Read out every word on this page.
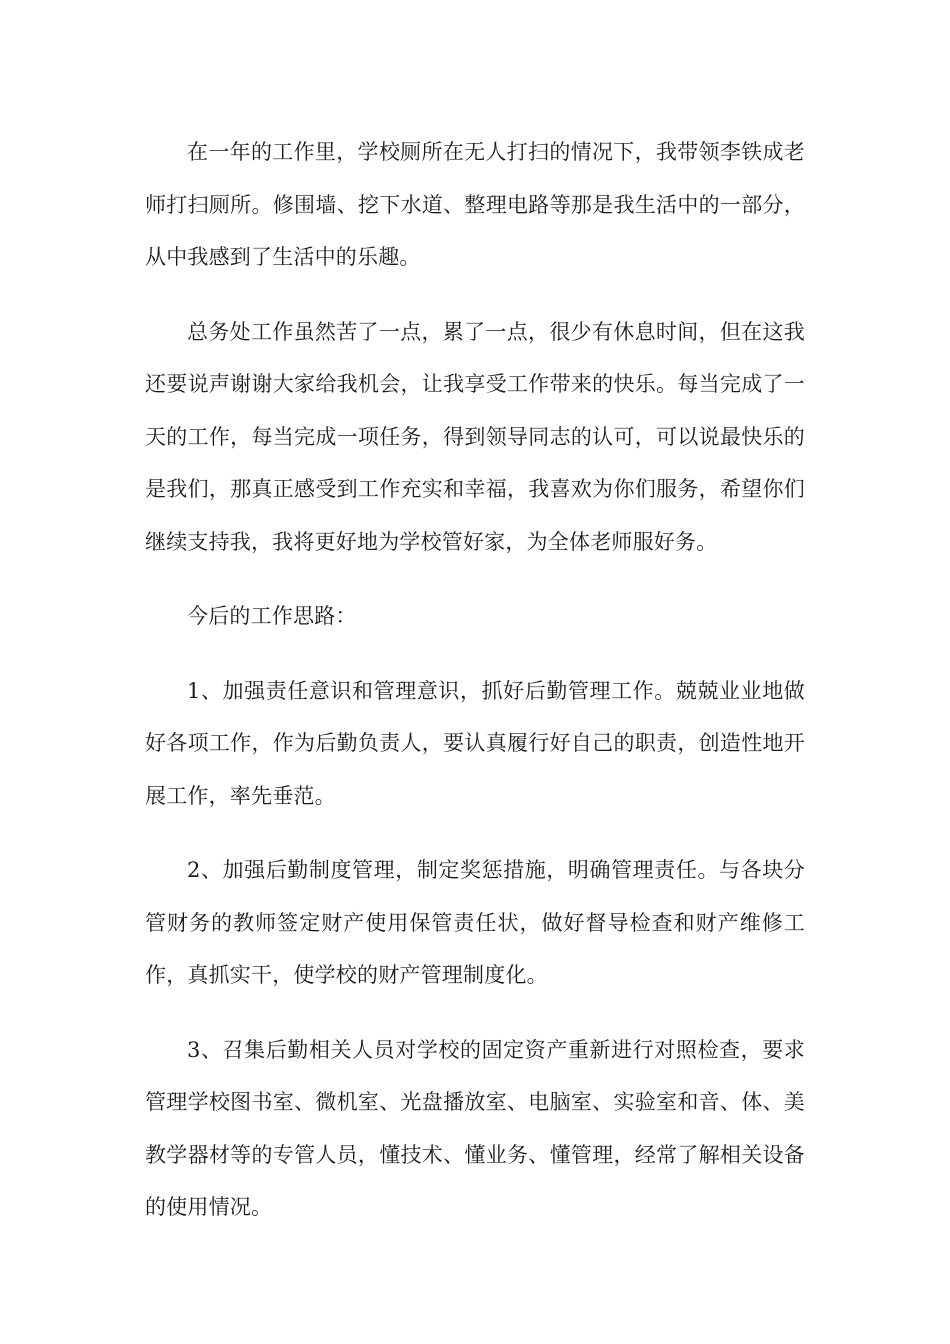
在一年的工作里，学校厕所在无人打扫的情况下，我带领李铁成老师打扫厕所。修围墙、挖下水道、整理电路等那是我生活中的一部分，从中我感到了生活中的乐趣。

总务处工作虽然苦了一点，累了一点，很少有休息时间，但在这我还要说声谢谢大家给我机会，让我享受工作带来的快乐。每当完成了一天的工作，每当完成一项任务，得到领导同志的认可，可以说最快乐的是我们，那真正感受到工作充实和幸福，我喜欢为你们服务，希望你们继续支持我，我将更好地为学校管好家，为全体老师服好务。

今后的工作思路：

1、加强责任意识和管理意识，抓好后勤管理工作。兢兢业业地做好各项工作，作为后勤负责人，要认真履行好自己的职责，创造性地开展工作，率先垂范。

2、加强后勤制度管理，制定奖惩措施，明确管理责任。与各块分管财务的教师签定财产使用保管责任状，做好督导检查和财产维修工作，真抓实干，使学校的财产管理制度化。

3、召集后勤相关人员对学校的固定资产重新进行对照检查，要求管理学校图书室、微机室、光盘播放室、电脑室、实验室和音、体、美教学器材等的专管人员，懂技术、懂业务、懂管理，经常了解相关设备的使用情况。
